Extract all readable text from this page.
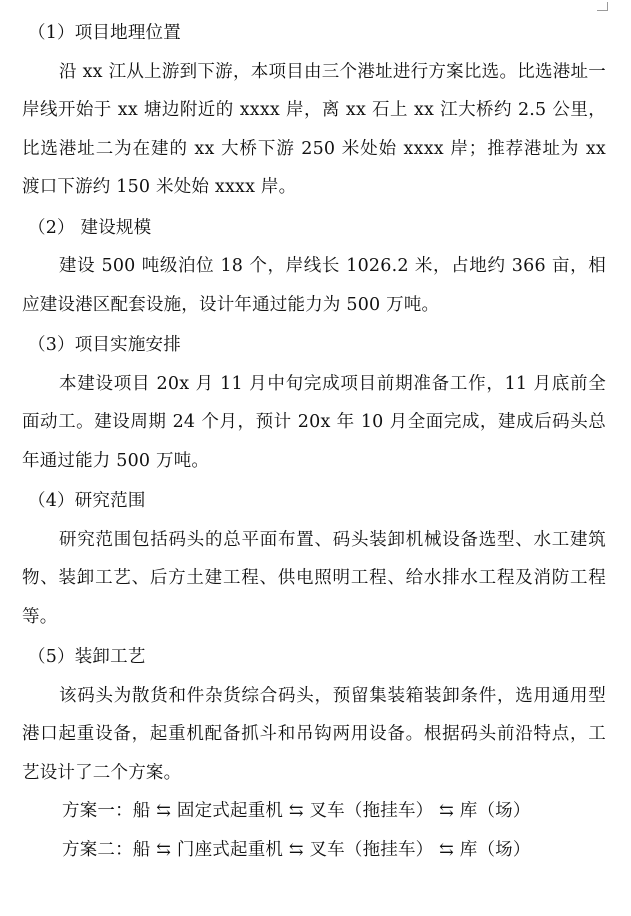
（1）项目地理位置

沿 xx 江从上游到下游，本项目由三个港址进行方案比选。比选港址一岸线开始于 xx 塘边附近的 xxxx 岸，离 xx 石上 xx 江大桥约 2.5 公里，比选港址二为在建的 xx 大桥下游 250 米处始 xxxx 岸；推荐港址为 xx 渡口下游约 150 米处始 xxxx 岸。

（2） 建设规模

建设 500 吨级泊位 18 个，岸线长 1026.2 米，占地约 366 亩，相应建设港区配套设施，设计年通过能力为 500 万吨。

（3）项目实施安排

本建设项目 20x 月 11 月中旬完成项目前期准备工作，11 月底前全面动工。建设周期 24 个月，预计 20x 年 10 月全面完成，建成后码头总年通过能力 500 万吨。

（4）研究范围

研究范围包括码头的总平面布置、码头装卸机械设备选型、水工建筑物、装卸工艺、后方土建工程、供电照明工程、给水排水工程及消防工程等。

（5）装卸工艺

该码头为散货和件杂货综合码头，预留集装箱装卸条件，选用通用型港口起重设备，起重机配备抓斗和吊钩两用设备。根据码头前沿特点，工艺设计了二个方案。

方案一：船 ⇆ 固定式起重机 ⇆ 叉车（拖挂车） ⇆ 库（场）

方案二：船 ⇆ 门座式起重机 ⇆ 叉车（拖挂车） ⇆ 库（场）
